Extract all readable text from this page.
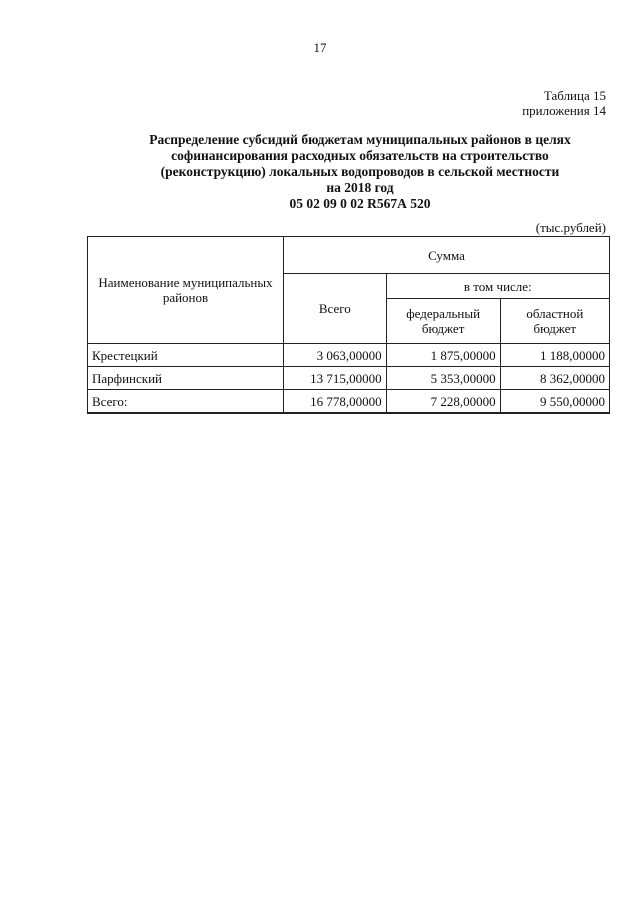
17
Таблица 15
приложения 14
Распределение субсидий бюджетам муниципальных районов в целях
софинансирования расходных обязательств на строительство
(реконструкцию) локальных водопроводов в сельской местности
на 2018 год
05 02 09 0 02 R567А 520
(тыс.рублей)
Наименование муниципальных районов	Сумма		
	Всего	в том числе:	
		федеральный бюджет	областной бюджет
Крестецкий	3 063,00000	1 875,00000	1 188,00000
Парфинский	13 715,00000	5 353,00000	8 362,00000
Всего:	16 778,00000	7 228,00000	9 550,00000
